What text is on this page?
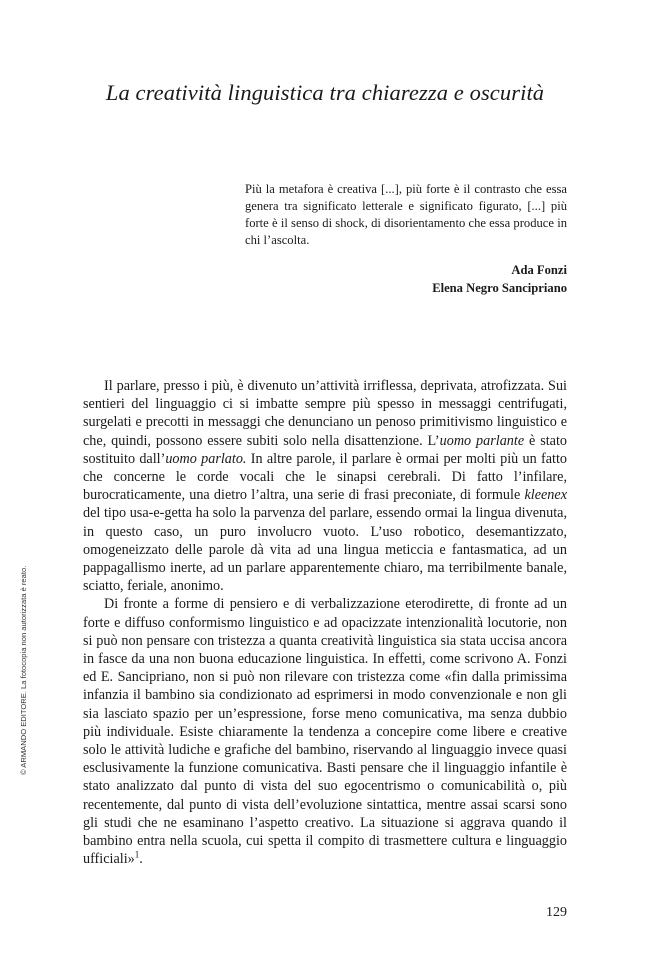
La creatività linguistica tra chiarezza e oscurità
Più la metafora è creativa [...], più forte è il contrasto che essa genera tra significato letterale e significato figurato, [...] più forte è il senso di shock, di disorientamento che essa produce in chi l’ascolta.
Ada Fonzi
Elena Negro Sancipriano

Il parlare, presso i più, è divenuto un’attività irriflessa, deprivata, atrofizzata. Sui sentieri del linguaggio ci si imbatte sempre più spesso in messaggi centrifugati, surgelati e precotti in messaggi che denunciano un penoso primitivismo linguistico e che, quindi, possono essere subiti solo nella disattenzione. L’uomo parlante è stato sostituito dall’uomo parlato. In altre parole, il parlare è ormai per molti più un fatto che concerne le corde vocali che le sinapsi cerebrali. Di fatto l’infilare, burocraticamente, una dietro l’altra, una serie di frasi preconiate, di formule kleenex del tipo usa-e-getta ha solo la parvenza del parlare, essendo ormai la lingua divenuta, in questo caso, un puro involucro vuoto. L’uso robotico, desemantizzato, omogeneizzato delle parole dà vita ad una lingua meticcia e fantasmatica, ad un pappagallismo inerte, ad un parlare apparentemente chiaro, ma terribilmente banale, sciatto, feriale, anonimo.

Di fronte a forme di pensiero e di verbalizzazione eterodirette, di fronte ad un forte e diffuso conformismo linguistico e ad opacizzate intenzionalità locutorie, non si può non pensare con tristezza a quanta creatività linguistica sia stata uccisa ancora in fasce da una non buona educazione linguistica. In effetti, come scrivono A. Fonzi ed E. Sancipriano, non si può non rilevare con tristezza come «fin dalla primissima infanzia il bambino sia condizionato ad esprimersi in modo convenzionale e non gli sia lasciato spazio per un’espressione, forse meno comunicativa, ma senza dubbio più individuale. Esiste chiaramente la tendenza a concepire come libere e creative solo le attività ludiche e grafiche del bambino, riservando al linguaggio invece quasi esclusivamente la funzione comunicativa. Basti pensare che il linguaggio infantile è stato analizzato dal punto di vista del suo egocentrismo o comunicabilità o, più recentemente, dal punto di vista dell’evoluzione sintattica, mentre assai scarsi sono gli studi che ne esaminano l’aspetto creativo. La situazione si aggrava quando il bambino entra nella scuola, cui spetta il compito di trasmettere cultura e linguaggio ufficiali»$^1$.

© ARMANDO EDITORE. La fotocopia non autorizzata è reato.
129
